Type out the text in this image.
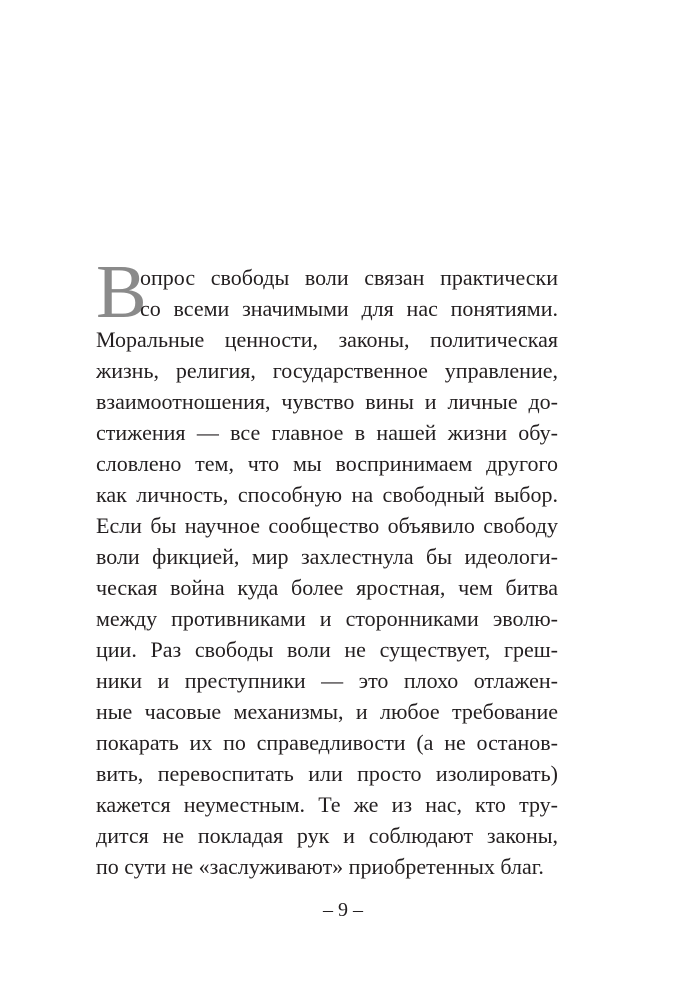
В
опрос свободы воли связан практически
со всеми значимыми для нас понятиями.
Моральные ценности, законы, политическая
жизнь, религия, государственное управление,
взаимоотношения, чувство вины и личные до-
стижения — все главное в нашей жизни обу-
словлено тем, что мы воспринимаем другого
как личность, способную на свободный выбор.
Если бы научное сообщество объявило свободу
воли фикцией, мир захлестнула бы идеологи-
ческая война куда более яростная, чем битва
между противниками и сторонниками эволю-
ции. Раз свободы воли не существует, греш-
ники и преступники — это плохо отлажен-
ные часовые механизмы, и любое требование
покарать их по справедливости (а не останов-
вить, перевоспитать или просто изолировать)
кажется неуместным. Те же из нас, кто тру-
дится не покладая рук и соблюдают законы,
по сути не «заслуживают» приобретенных благ.
– 9 –
